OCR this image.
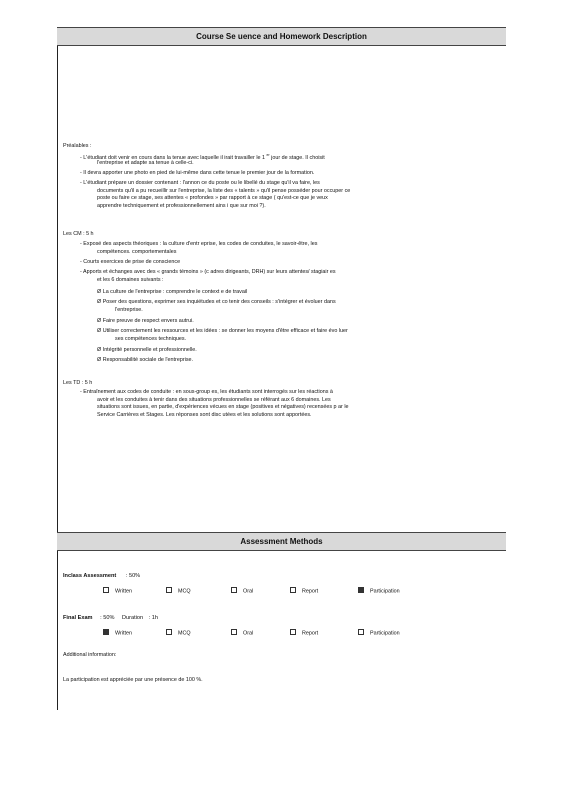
Course Se uence and Homework Description
Préalables :
- L'étudiant doit venir en cours dans la tenue avec laquelle il irait travailler le 1 $^{er}$ jour de stage. Il choisit
l'entreprise et adapte sa tenue à celle-ci.
- Il devra apporter une photo en pied de lui-même dans cette tenue le premier jour de la formation.
- L'étudiant prépare un dossier contenant : l'annon ce du poste ou le libellé du stage qu'il va faire, les
documents qu'il a pu recueillir sur l'entreprise, la liste des « talents » qu'il pense posséder pour occuper ce
poste ou faire ce stage, ses attentes « profondes » par rapport à ce stage ( qu'est-ce que je veux
apprendre techniquement et professionnellement ains i que sur moi ?).
Les CM : 5 h
- Exposé des aspects théoriques : la culture d'entr eprise, les codes de conduites, le savoir-être, les
compétences. comportementales
- Courts exercices de prise de conscience
- Apports et échanges avec des « grands témoins » (c adres dirigeants, DRH) sur leurs attentes/ stagiair es
et les 6 domaines suivants :
Ø La culture de l'entreprise : comprendre le context e de travail
Ø Poser des questions, exprimer ses inquiétudes et co tenir des conseils : s'intégrer et évoluer dans
l'entreprise.
Ø Faire preuve de respect envers autrui.
Ø Utiliser correctement les ressources et les idées : se donner les moyens d'être efficace et faire évo luer
ses compétences techniques.
Ø Intégrité personnelle et professionnelle.
Ø Responsabilité sociale de l'entreprise.
Les TD : 5 h
- Entraînement aux codes de conduite : en sous-group es, les étudiants sont interrogés sur les réactions à
avoir et les conduites à tenir dans des situations professionnelles se référant aux 6 domaines. Les
situations sont issues, en partie, d'expériences vécues en stage (positives et négatives) recensées p ar le
Service Carrières et Stages. Les réponses sont disc utées et les solutions sont apportées.
Assessment Methods
Inclass Assessment : 50%
Written	MCQ	Oral	Report	Participation
Final Exam : 50% Duration : 1h
Written	MCQ	Oral	Report	Participation
Additional information:
La participation est appréciée par une présence de 100 %.
